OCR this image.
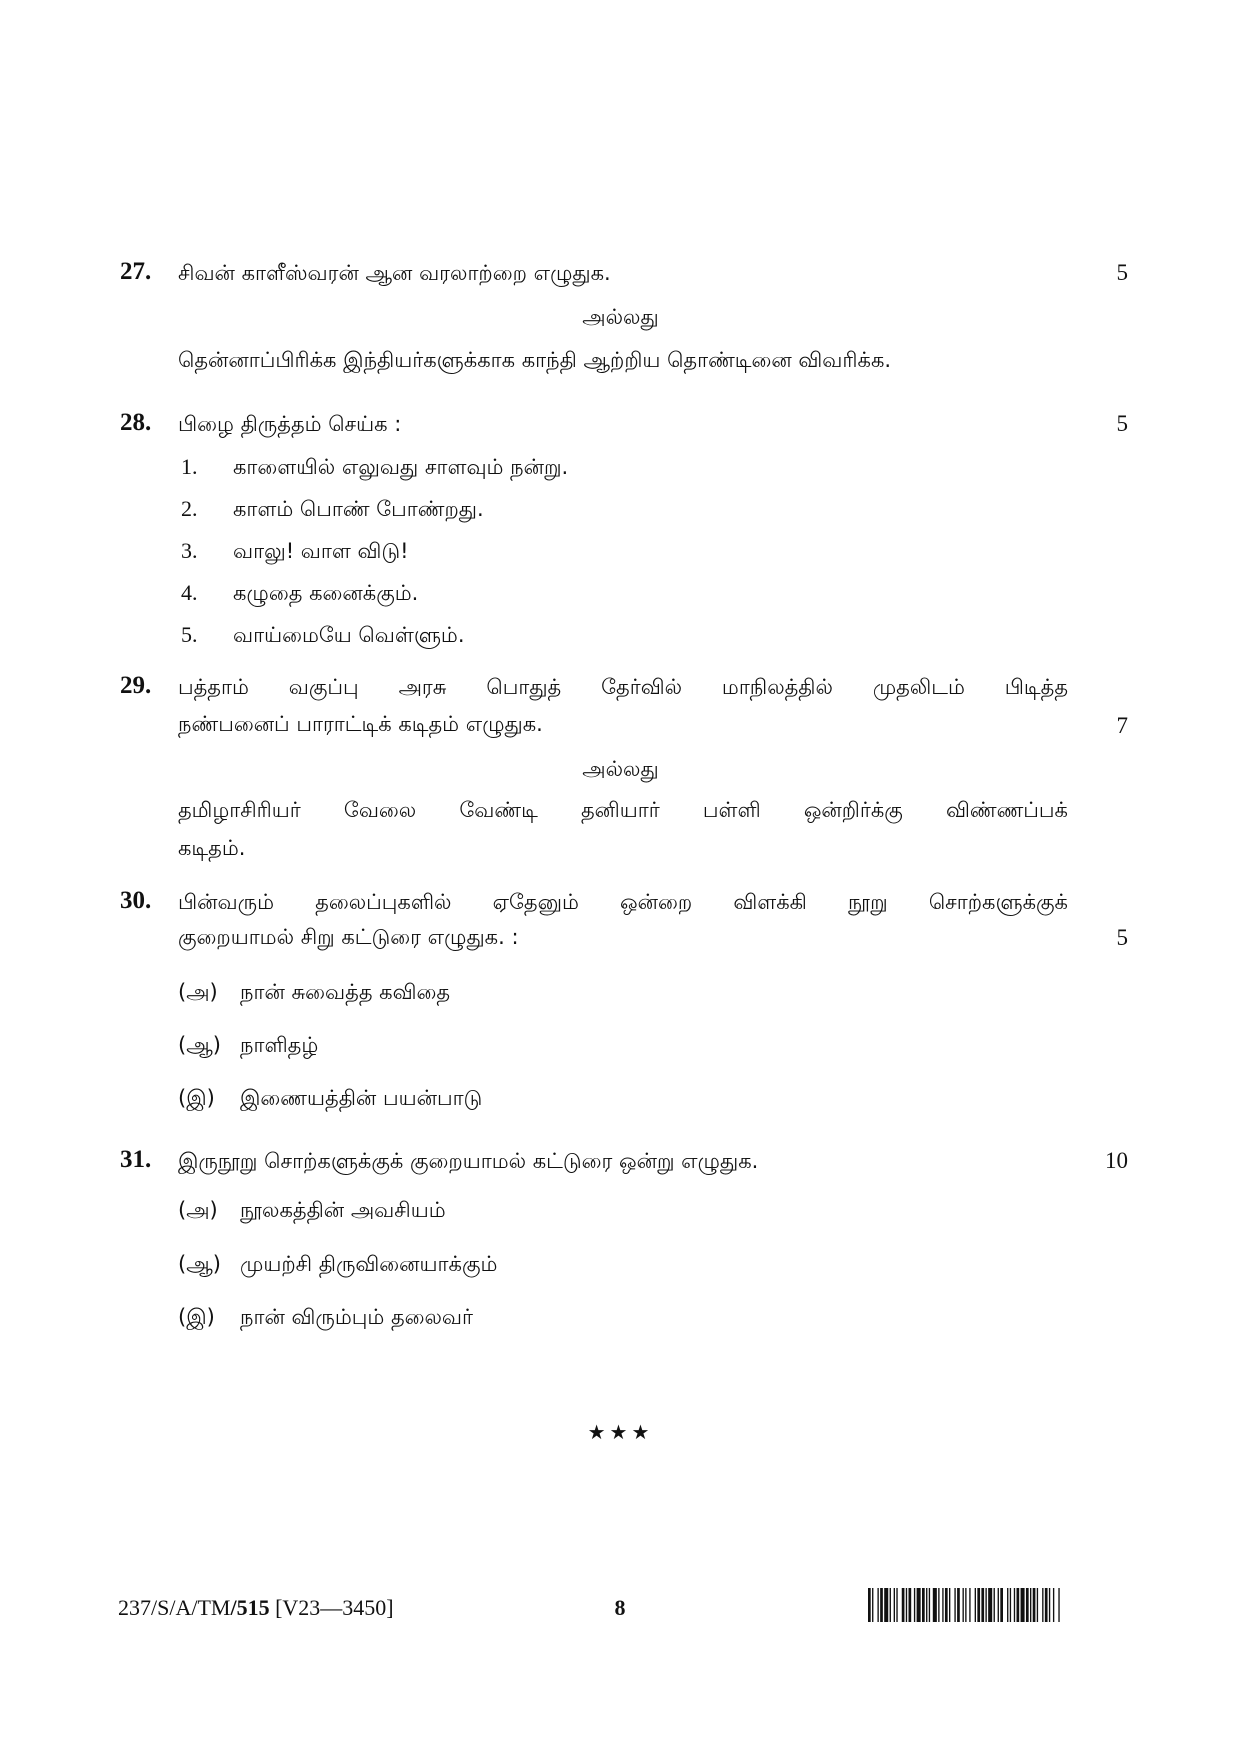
27. சிவன் காளீஸ்வரன் ஆன வரலாற்றை எழுதுக.	5
அல்லது
தென்னாப்பிரிக்க இந்தியர்களுக்காக காந்தி ஆற்றிய தொண்டினை விவரிக்க.
28. பிழை திருத்தம் செய்க :	5
1. காளையில் எலுவது சாளவும் நன்று.
2. காளம் பொண் போண்றது.
3. வாலு! வாள விடு!
4. கழுதை கனைக்கும்.
5. வாய்மையே வெள்ளும்.
29. பத்தாம் வகுப்பு அரசு பொதுத் தேர்வில் மாநிலத்தில் முதலிடம் பிடித்த
நண்பனைப் பாராட்டிக் கடிதம் எழுதுக.	7
அல்லது
தமிழாசிரியர் வேலை வேண்டி தனியார் பள்ளி ஒன்றிர்க்கு விண்ணப்பக்
கடிதம்.
30. பின்வரும் தலைப்புகளில் ஏதேனும் ஒன்றை விளக்கி நூறு சொற்களுக்குக்
குறையாமல் சிறு கட்டுரை எழுதுக. :	5
(அ) நான் சுவைத்த கவிதை
(ஆ) நாளிதழ்
(இ) இணையத்தின் பயன்பாடு
31. இருநூறு சொற்களுக்குக் குறையாமல் கட்டுரை ஒன்று எழுதுக.	10
(அ) நூலகத்தின் அவசியம்
(ஆ) முயற்சி திருவினையாக்கும்
(இ) நான் விரும்பும் தலைவர்
★★★
237/S/A/TM/515 [V23—3450]	8
